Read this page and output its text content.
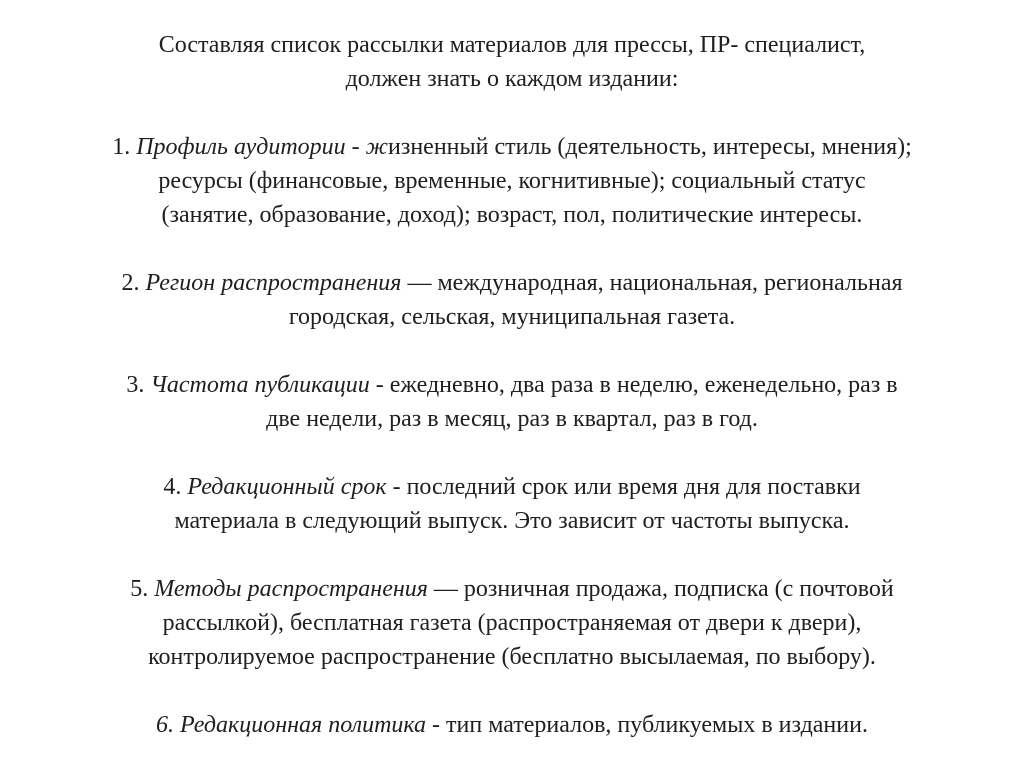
Составляя список рассылки материалов для прессы, ПР- специалист,
должен знать о каждом издании:
1. Профиль аудитории - жизненный стиль (деятельность, интересы, мнения);
ресурсы (финансовые, временные, когнитивные); социальный статус
(занятие, образование, доход); возраст, пол, политические интересы.
2. Регион распространения — международная, национальная, региональная
городская, сельская, муниципальная газета.
3. Частота публикации - ежедневно, два раза в неделю, еженедельно, раз в
две недели, раз в месяц, раз в квартал, раз в год.
4. Редакционный срок - последний срок или время дня для поставки
материала в следующий выпуск. Это зависит от частоты выпуска.
5. Методы распространения — розничная продажа, подписка (с почтовой
рассылкой), бесплатная газета (распространяемая от двери к двери),
контролируемое распространение (бесплатно высылаемая, по выбору).
6. Редакционная политика - тип материалов, публикуемых в издании.
